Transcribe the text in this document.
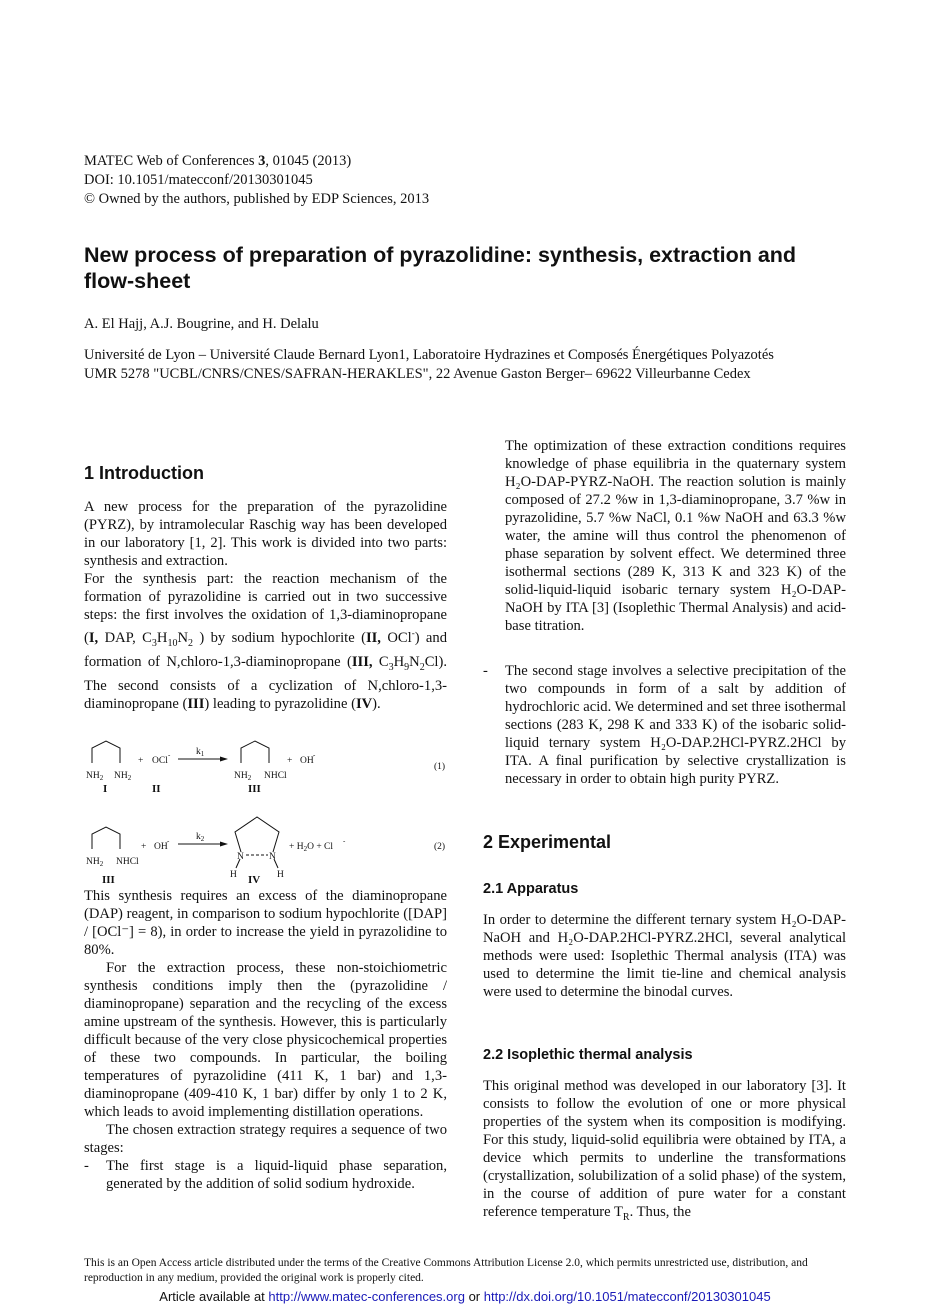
MATEC Web of Conferences 3, 01045 (2013)
DOI: 10.1051/matecconf/20130301045
© Owned by the authors, published by EDP Sciences, 2013
New process of preparation of pyrazolidine: synthesis, extraction and flow-sheet
A. El Hajj, A.J. Bougrine, and H. Delalu
Université de Lyon – Université Claude Bernard Lyon1, Laboratoire Hydrazines et Composés Énergétiques Polyazotés
UMR 5278 "UCBL/CNRS/CNES/SAFRAN-HERAKLES", 22 Avenue Gaston Berger– 69622 Villeurbanne Cedex
1 Introduction

A new process for the preparation of the pyrazolidine (PYRZ), by intramolecular Raschig way has been developed in our laboratory [1, 2]. This work is divided into two parts: synthesis and extraction.

For the synthesis part: the reaction mechanism of the formation of pyrazolidine is carried out in two successive steps: the first involves the oxidation of 1,3-diaminopropane (I, DAP, $C_3H_{10}N_2$ ) by sodium hypochlorite (II, OCl-) and formation of N,chloro-1,3-diaminopropane (III, $C_3H_9N_2Cl$). The second consists of a cyclization of N,chloro-1,3-diaminopropane (III) leading to pyrazolidine (IV).

$NH_2$ $NH_2$
+ OCl
-	$k_1$
$NH_2$ NHCl
+ OH
-
(1)
I	II	III
$NH_2$ NHCl
+ OH
-	$k_2$
N	N
H	H
+ $H_2O + Cl$
-
(2)
III	IV

This synthesis requires an excess of the diaminopropane (DAP) reagent, in comparison to sodium hypochlorite ([DAP] / [OCl⁻] = 8), in order to increase the yield in pyrazolidine to 80%.

For the extraction process, these non-stoichiometric synthesis conditions imply then the (pyrazolidine / diaminopropane) separation and the recycling of the excess amine upstream of the synthesis. However, this is particularly difficult because of the very close physicochemical properties of these two compounds. In particular, the boiling temperatures of pyrazolidine (411 K, 1 bar) and 1,3-diaminopropane (409-410 K, 1 bar) differ by only 1 to 2 K, which leads to avoid implementing distillation operations.

The chosen extraction strategy requires a sequence of two stages:

-	The first stage is a liquid-liquid phase separation, generated by the addition of solid sodium hydroxide.

The optimization of these extraction conditions requires knowledge of phase equilibria in the quaternary system H₂O-DAP-PYRZ-NaOH. The reaction solution is mainly composed of 27.2 %w in 1,3-diaminopropane, 3.7 %w in pyrazolidine, 5.7 %w NaCl, 0.1 %w NaOH and 63.3 %w water, the amine will thus control the phenomenon of phase separation by solvent effect. We determined three isothermal sections (289 K, 313 K and 323 K) of the solid-liquid-liquid isobaric ternary system H₂O-DAP-NaOH by ITA [3] (Isoplethic Thermal Analysis) and acid-base titration.

-	The second stage involves a selective precipitation of the two compounds in form of a salt by addition of hydrochloric acid. We determined and set three isothermal sections (283 K, 298 K and 333 K) of the isobaric solid-liquid ternary system H₂O-DAP.2HCl-PYRZ.2HCl by ITA. A final purification by selective crystallization is necessary in order to obtain high purity PYRZ.
2 Experimental
2.1 Apparatus

In order to determine the different ternary system H₂O-DAP-NaOH and H₂O-DAP.2HCl-PYRZ.2HCl, several analytical methods were used: Isoplethic Thermal analysis (ITA) was used to determine the limit tie-line and chemical analysis were used to determine the binodal curves.

2.2 Isoplethic thermal analysis

This original method was developed in our laboratory [3]. It consists to follow the evolution of one or more physical properties of the system when its composition is modifying. For this study, liquid-solid equilibria were obtained by ITA, a device which permits to underline the transformations (crystallization, solubilization of a solid phase) of the system, in the course of addition of pure water for a constant reference temperature $T_R$. Thus, the

This is an Open Access article distributed under the terms of the Creative Commons Attribution License 2.0, which permits unrestricted use, distribution, and reproduction in any medium, provided the original work is properly cited.
Article available at http://www.matec-conferences.org or http://dx.doi.org/10.1051/matecconf/20130301045
